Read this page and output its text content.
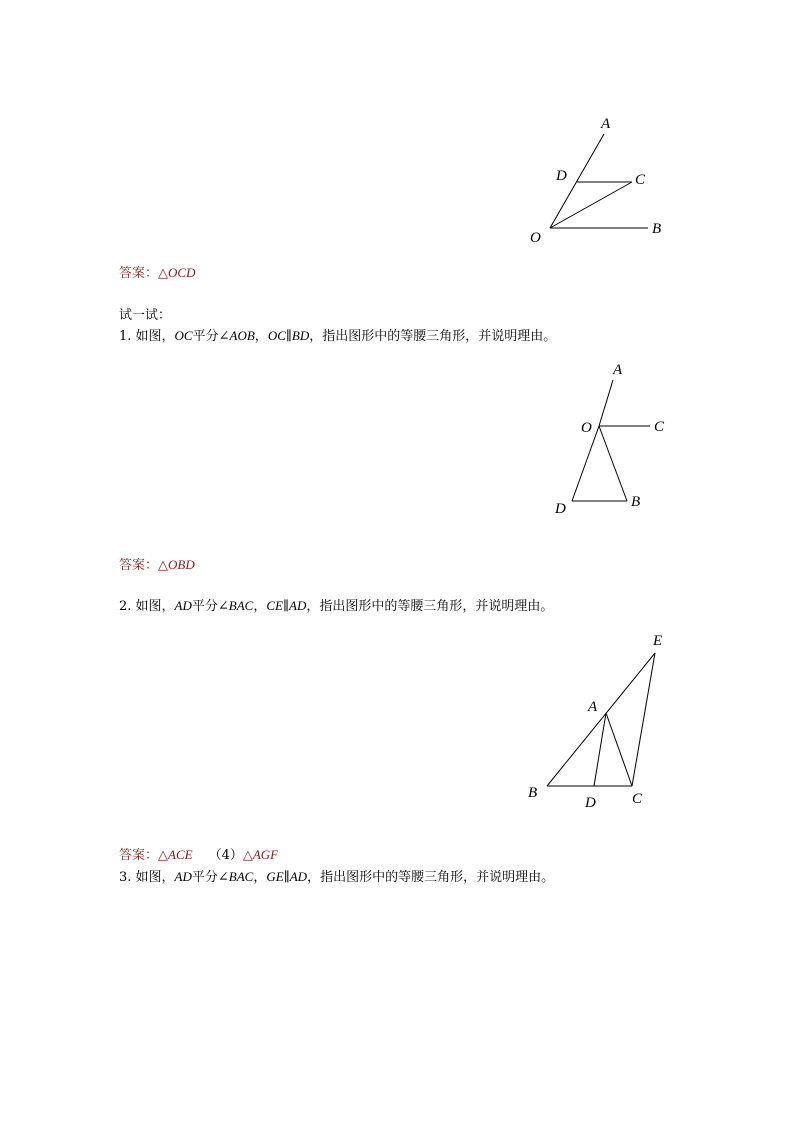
A
D	C
O
B
答案：△OCD
试一试：
1. 如图，OC平分∠AOB，OC∥BD，指出图形中的等腰三角形，并说明理由。
A
O	C
D	B
答案：△OBD
2. 如图，AD平分∠BAC，CE∥AD，指出图形中的等腰三角形，并说明理由。
E
A
B
D C
答案：△ACE （4）△AGF
3. 如图，AD平分∠BAC，GE∥AD，指出图形中的等腰三角形，并说明理由。
